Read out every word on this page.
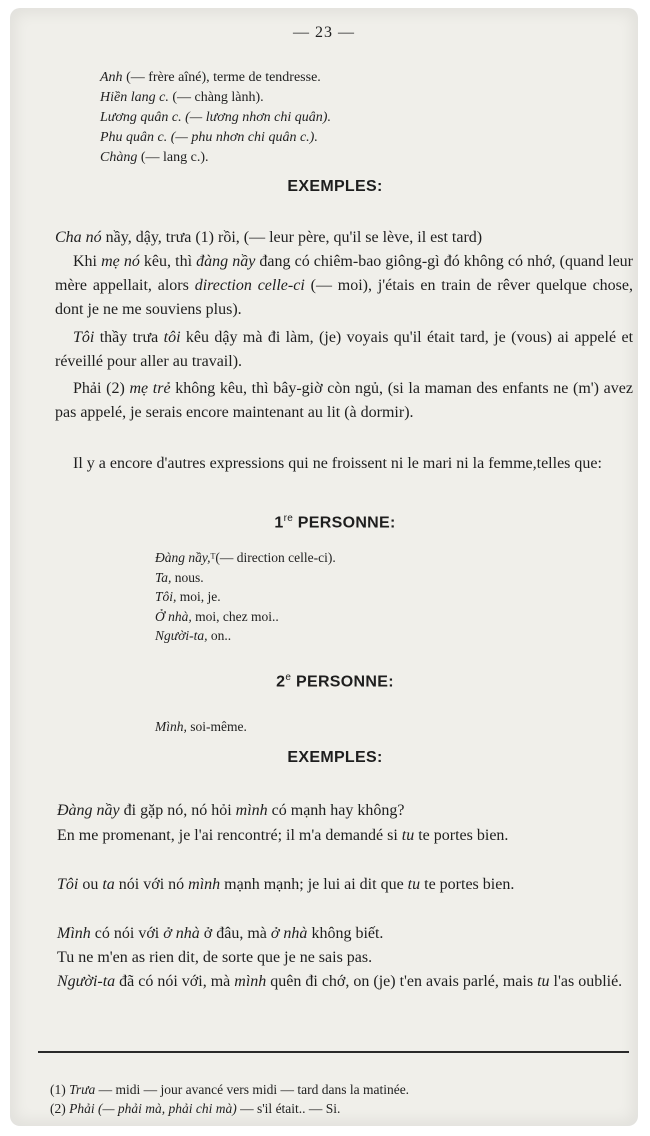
— 23 —
Anh (— frère aîné), terme de tendresse.
Hiền lang c. (— chàng lành).
Lương quân c. (— lương nhơn chi quân).
Phu quân c. (— phu nhơn chi quân c.).
Chàng (— lang c.).
EXEMPLES:
Cha nó nầy, dậy, trưa (1) rồi, (— leur père, qu'il se lève, il est tard)
Khi mẹ nó kêu, thì đàng nầy đang có chiêm-bao giông-gì đó không có nhớ, (quand leur mère appellait, alors direction celle-ci (— moi), j'étais en train de rêver quelque chose, dont je ne me souviens plus).
Tôi thầy trưa tôi kêu dậy mà đi làm, (je) voyais qu'il était tard, je (vous) ai appelé et réveillé pour aller au travail).
Phải (2) mẹ trẻ không kêu, thì bây-giờ còn ngủ, (si la maman des enfants ne (m') avez pas appelé, je serais encore maintenant au lit (à dormir).
Il y a encore d'autres expressions qui ne froissent ni le mari ni la femme,telles que:
1re PERSONNE:
Đàng nầy,ᵀ(— direction celle-ci).
Ta, nous.
Tôi, moi, je.
Ở nhà, moi, chez moi..
Người-ta, on..
2e PERSONNE:
Mình, soi-même.
EXEMPLES:
Đàng nầy đi gặp nó, nó hỏi mình có mạnh hay không?
En me promenant, je l'ai rencontré; il m'a demandé si tu te portes bien.
Tôi ou ta nói với nó mình mạnh mạnh; je lui ai dit que tu te portes bien.
Mình có nói với ở nhà ở đâu, mà ở nhà không biết.
Tu ne m'en as rien dit, de sorte que je ne sais pas.
Người-ta đã có nói với, mà mình quên đi chớ, on (je) t'en avais parlé, mais tu l'as oublié.
(1) Trưa — midi — jour avancé vers midi — tard dans la matinée.
(2) Phải (— phải mà, phải chi mà) — s'il était.. — Si.
